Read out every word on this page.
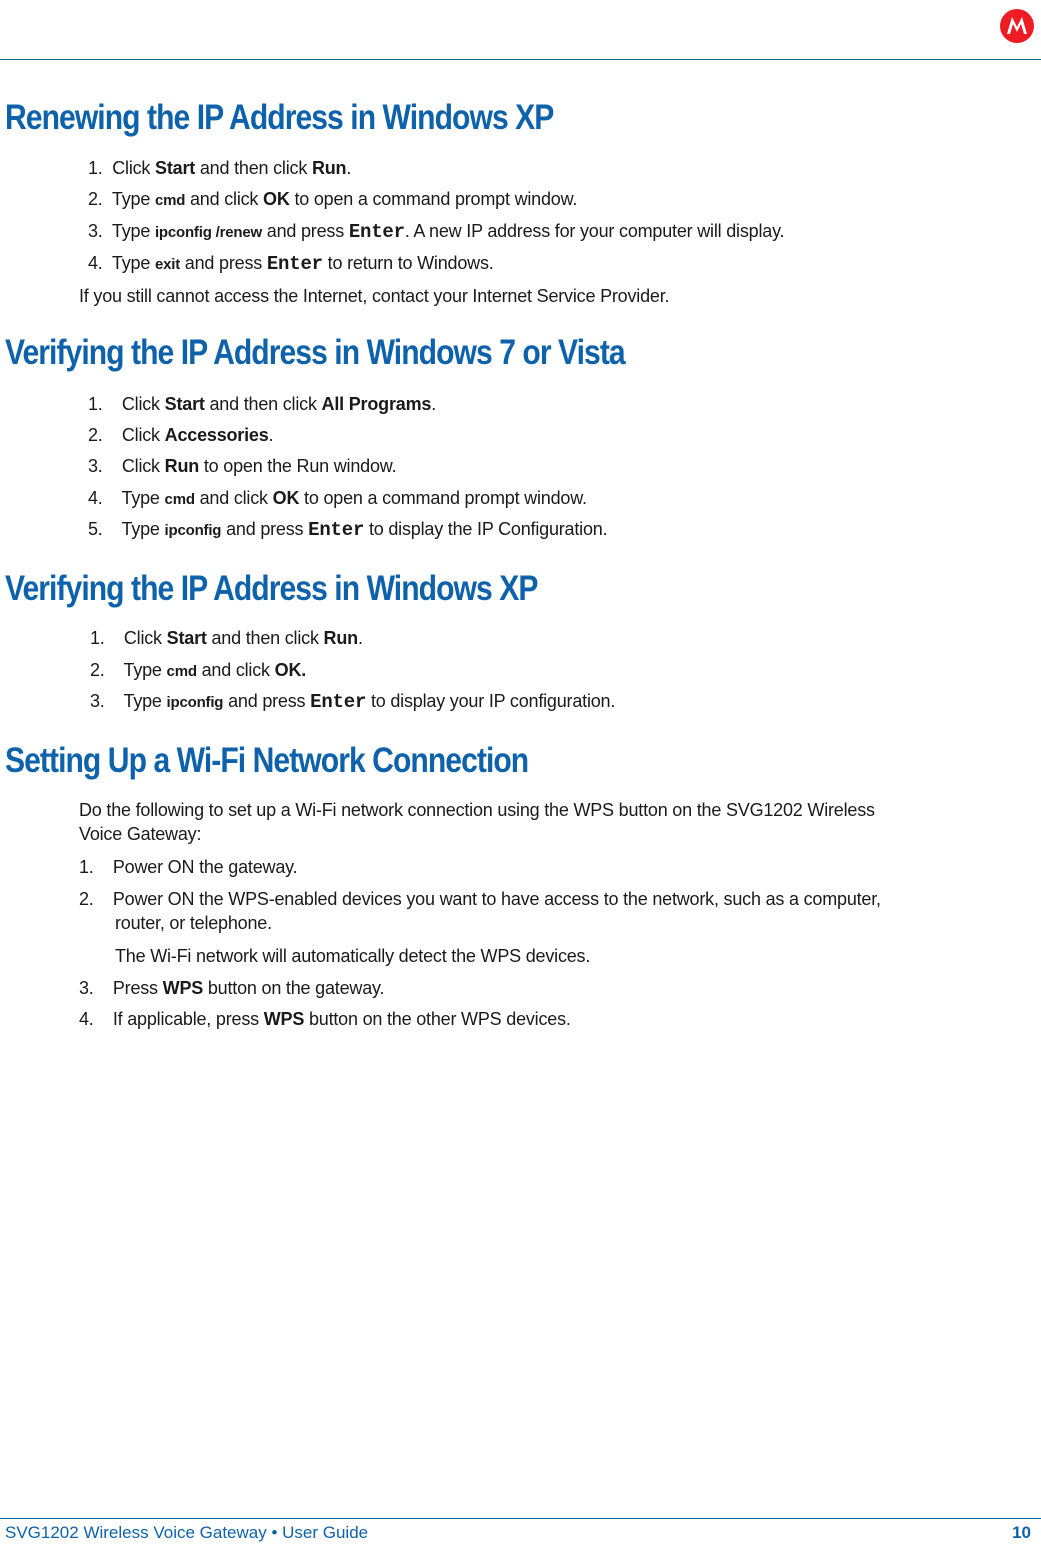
Renewing the IP Address in Windows XP
1. Click Start and then click Run.
2. Type cmd and click OK to open a command prompt window.
3. Type ipconfig /renew and press Enter. A new IP address for your computer will display.
4. Type exit and press Enter to return to Windows.
If you still cannot access the Internet, contact your Internet Service Provider.
Verifying the IP Address in Windows 7 or Vista
1. Click Start and then click All Programs.
2. Click Accessories.
3. Click Run to open the Run window.
4. Type cmd and click OK to open a command prompt window.
5. Type ipconfig and press Enter to display the IP Configuration.
Verifying the IP Address in Windows XP
1. Click Start and then click Run.
2. Type cmd and click OK.
3. Type ipconfig and press Enter to display your IP configuration.
Setting Up a Wi-Fi Network Connection
Do the following to set up a Wi-Fi network connection using the WPS button on the SVG1202 Wireless
Voice Gateway:
1. Power ON the gateway.
2. Power ON the WPS-enabled devices you want to have access to the network, such as a computer,
router, or telephone.
The Wi-Fi network will automatically detect the WPS devices.
3. Press WPS button on the gateway.
4. If applicable, press WPS button on the other WPS devices.
SVG1202 Wireless Voice Gateway • User Guide	10
